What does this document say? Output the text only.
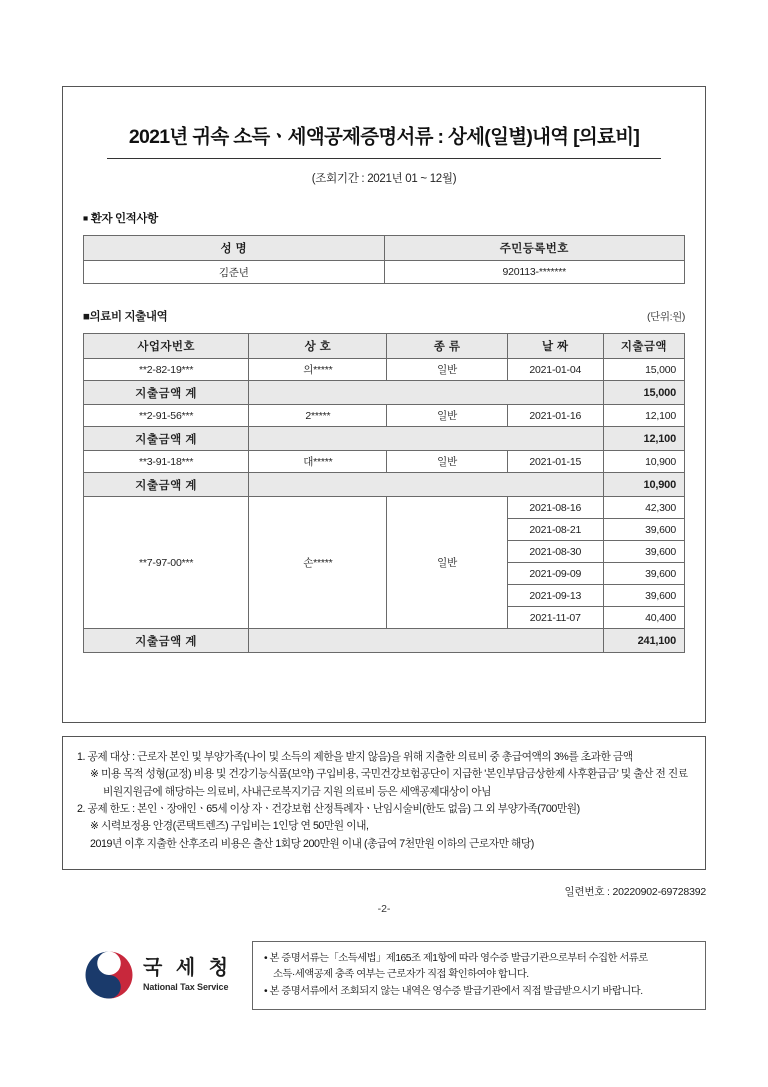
2021년 귀속 소득ㆍ세액공제증명서류 : 상세(일별)내역 [의료비]
(조회기간 : 2021년 01 ~ 12월)
■ 환자 인적사항
성 명	주민등록번호
김준년	920113-*******
■의료비 지출내역	(단위:원)
사업자번호	상 호	종 류	날 짜	지출금액
**2-82-19***	의*****	일반	2021-01-04	15,000
지출금액 계				15,000
**2-91-56***	2*****	일반	2021-01-16	12,100
지출금액 계				12,100
**3-91-18***	대*****	일반	2021-01-15	10,900
지출금액 계				10,900
**7-97-00***	손*****	일반	2021-08-16	42,300
			2021-08-21	39,600
			2021-08-30	39,600
			2021-09-09	39,600
			2021-09-13	39,600
			2021-11-07	40,400
지출금액 계				241,100
1. 공제 대상 : 근로자 본인 및 부양가족(나이 및 소득의 제한을 받지 않음)을 위해 지출한 의료비 중 총급여액의 3%를 초과한 금액
※ 미용 목적 성형(교정) 비용 및 건강기능식품(보약) 구입비용, 국민건강보험공단이 지급한 '본인부담금상한제 사후환급금' 및 출산 전 진료비원지원금에 해당하는 의료비, 사내근로복지기금 지원 의료비 등은 세액공제대상이 아님
2. 공제 한도 : 본인ㆍ장애인ㆍ65세 이상 자ㆍ건강보험 산정특례자ㆍ난임시술비(한도 없음) 그 외 부양가족(700만원)
※ 시력보정용 안경(콘택트렌즈) 구입비는 1인당 연 50만원 이내,
2019년 이후 지출한 산후조리 비용은 출산 1회당 200만원 이내 (총급여 7천만원 이하의 근로자만 해당)
일련번호 : 20220902-69728392
-2-
국 세 청
National Tax Service
• 본 증명서류는「소득세법」제165조 제1항에 따라 영수증 발급기관으로부터 수집한 서류로
소득·세액공제 충족 여부는 근로자가 직접 확인하여야 합니다.
• 본 증명서류에서 조회되지 않는 내역은 영수증 발급기관에서 직접 발급받으시기 바랍니다.
